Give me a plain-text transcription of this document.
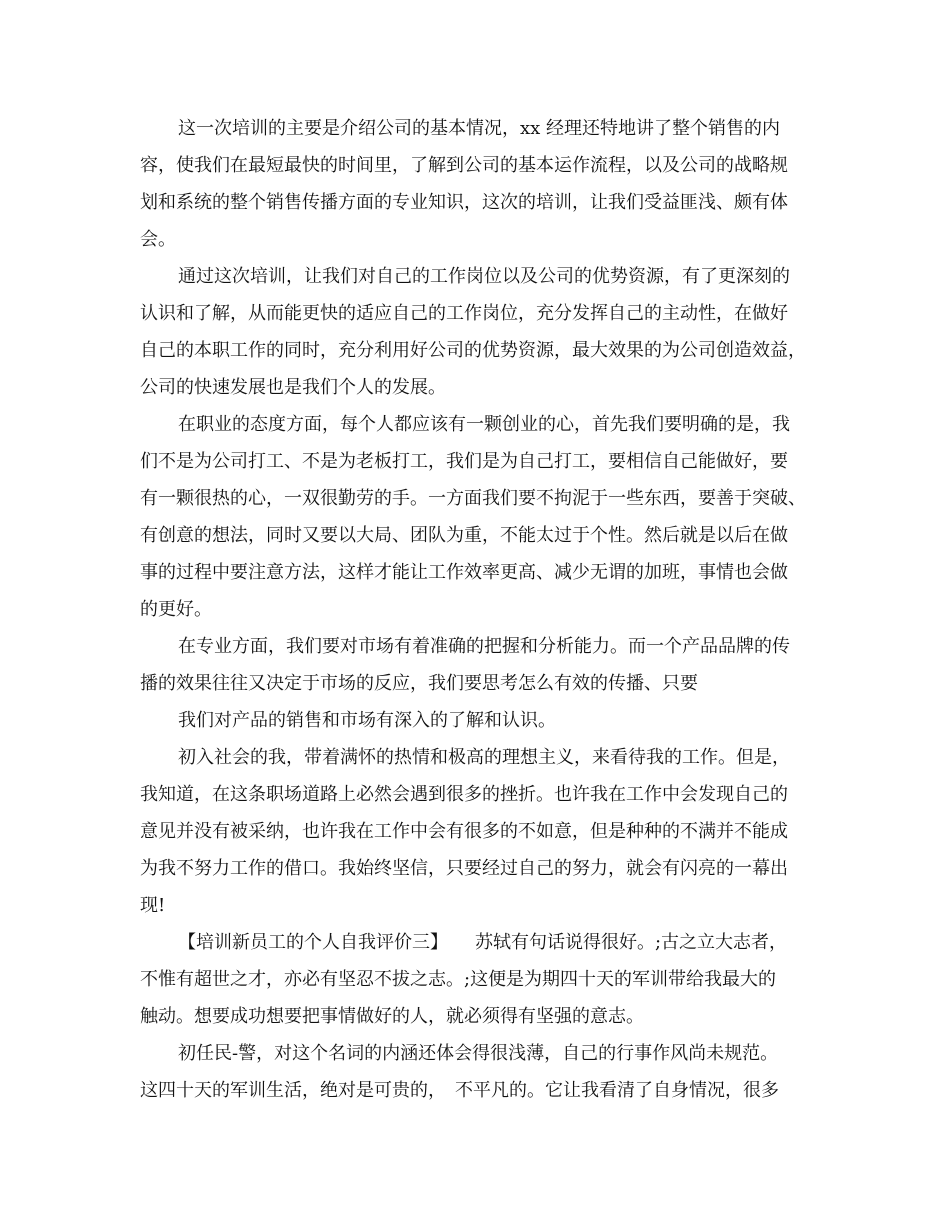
这一次培训的主要是介绍公司的基本情况，xx 经理还特地讲了整个销售的内
容，使我们在最短最快的时间里，了解到公司的基本运作流程，以及公司的战略规
划和系统的整个销售传播方面的专业知识，这次的培训，让我们受益匪浅、颇有体
会。
通过这次培训，让我们对自己的工作岗位以及公司的优势资源，有了更深刻的
认识和了解，从而能更快的适应自己的工作岗位，充分发挥自己的主动性，在做好
自己的本职工作的同时，充分利用好公司的优势资源，最大效果的为公司创造效益，
公司的快速发展也是我们个人的发展。
在职业的态度方面，每个人都应该有一颗创业的心，首先我们要明确的是，我
们不是为公司打工、不是为老板打工，我们是为自己打工，要相信自己能做好，要
有一颗很热的心，一双很勤劳的手。一方面我们要不拘泥于一些东西，要善于突破、
有创意的想法，同时又要以大局、团队为重，不能太过于个性。然后就是以后在做
事的过程中要注意方法，这样才能让工作效率更高、减少无谓的加班，事情也会做
的更好。
在专业方面，我们要对市场有着准确的把握和分析能力。而一个产品品牌的传
播的效果往往又决定于市场的反应，我们要思考怎么有效的传播、只要
我们对产品的销售和市场有深入的了解和认识。
初入社会的我，带着满怀的热情和极高的理想主义，来看待我的工作。但是，
我知道，在这条职场道路上必然会遇到很多的挫折。也许我在工作中会发现自己的
意见并没有被采纳，也许我在工作中会有很多的不如意，但是种种的不满并不能成
为我不努力工作的借口。我始终坚信，只要经过自己的努力，就会有闪亮的一幕出
现!
【培训新员工的个人自我评价三】　　苏轼有句话说得很好。;古之立大志者，
不惟有超世之才，亦必有坚忍不拔之志。;这便是为期四十天的军训带给我最大的
触动。想要成功想要把事情做好的人，就必须得有坚强的意志。
初任民-警，对这个名词的内涵还体会得很浅薄，自己的行事作风尚未规范。
这四十天的军训生活，绝对是可贵的，　不平凡的。它让我看清了自身情况，很多
